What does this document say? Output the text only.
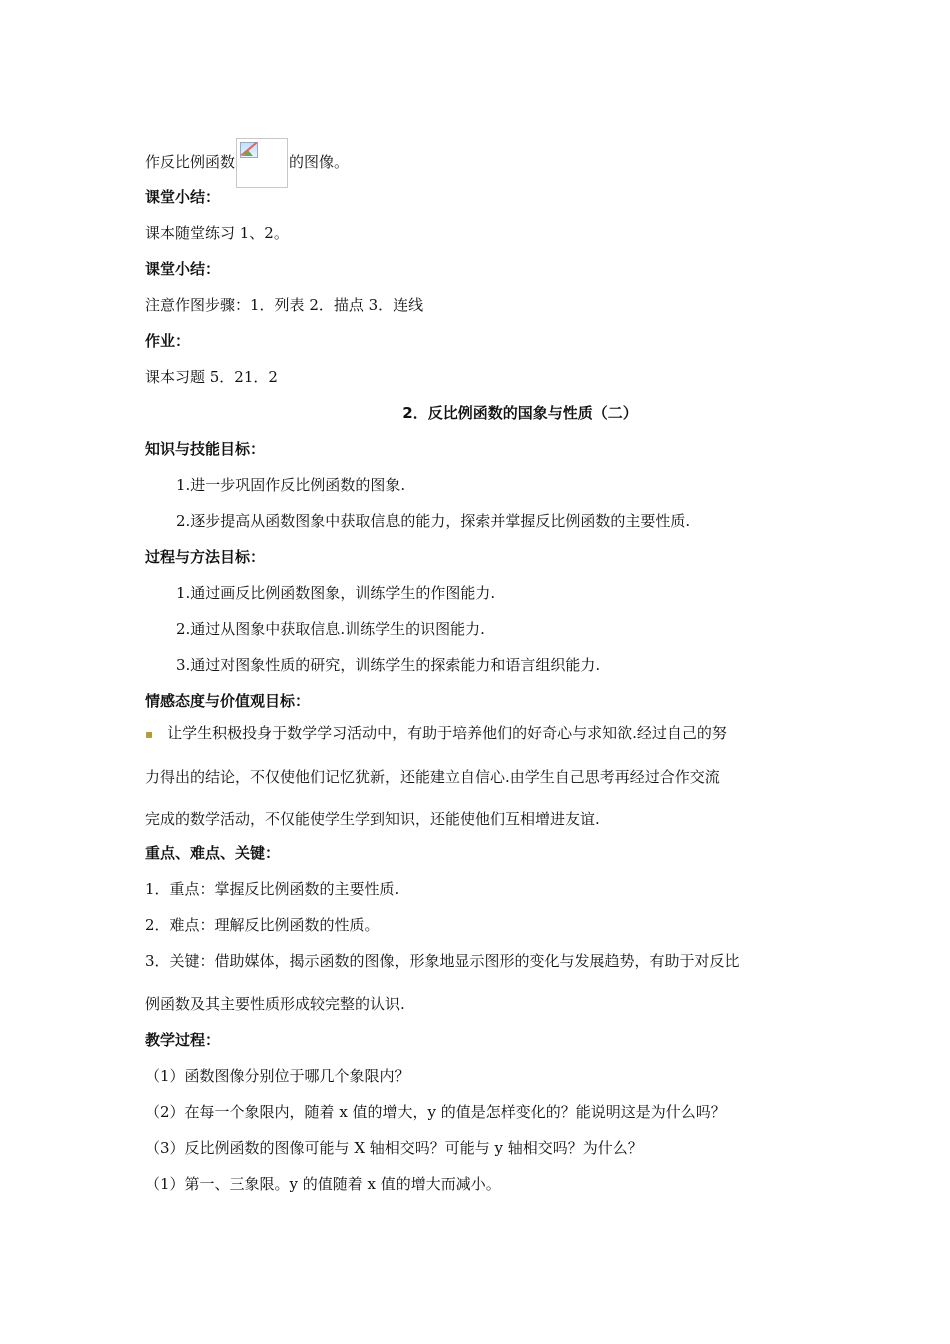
作反比例函数	的图像。
课堂小结：
课本随堂练习 1、2。
课堂小结：
注意作图步骤：1．列表 2．描点 3．连线
作业：
课本习题 5．21．2
2．反比例函数的国象与性质（二）
知识与技能目标：
1.进一步巩固作反比例函数的图象.
2.逐步提高从函数图象中获取信息的能力，探索并掌握反比例函数的主要性质.
过程与方法目标：
1.通过画反比例函数图象，训练学生的作图能力.
2.通过从图象中获取信息.训练学生的识图能力.
3.通过对图象性质的研究，训练学生的探索能力和语言组织能力.
情感态度与价值观目标：
▪ 让学生积极投身于数学学习活动中，有助于培养他们的好奇心与求知欲.经过自己的努
力得出的结论，不仅使他们记忆犹新，还能建立自信心.由学生自己思考再经过合作交流
完成的数学活动，不仅能使学生学到知识，还能使他们互相增进友谊.
重点、难点、关键：
1．重点：掌握反比例函数的主要性质.
2．难点：理解反比例函数的性质。
3．关键：借助媒体，揭示函数的图像，形象地显示图形的变化与发展趋势，有助于对反比
例函数及其主要性质形成较完整的认识.
教学过程：
（1）函数图像分别位于哪几个象限内？
（2）在每一个象限内，随着 x 值的增大，y 的值是怎样变化的？能说明这是为什么吗？
（3）反比例函数的图像可能与 X 轴相交吗？可能与 y 轴相交吗？为什么？
（1）第一、三象限。y 的值随着 x 值的增大而减小。
